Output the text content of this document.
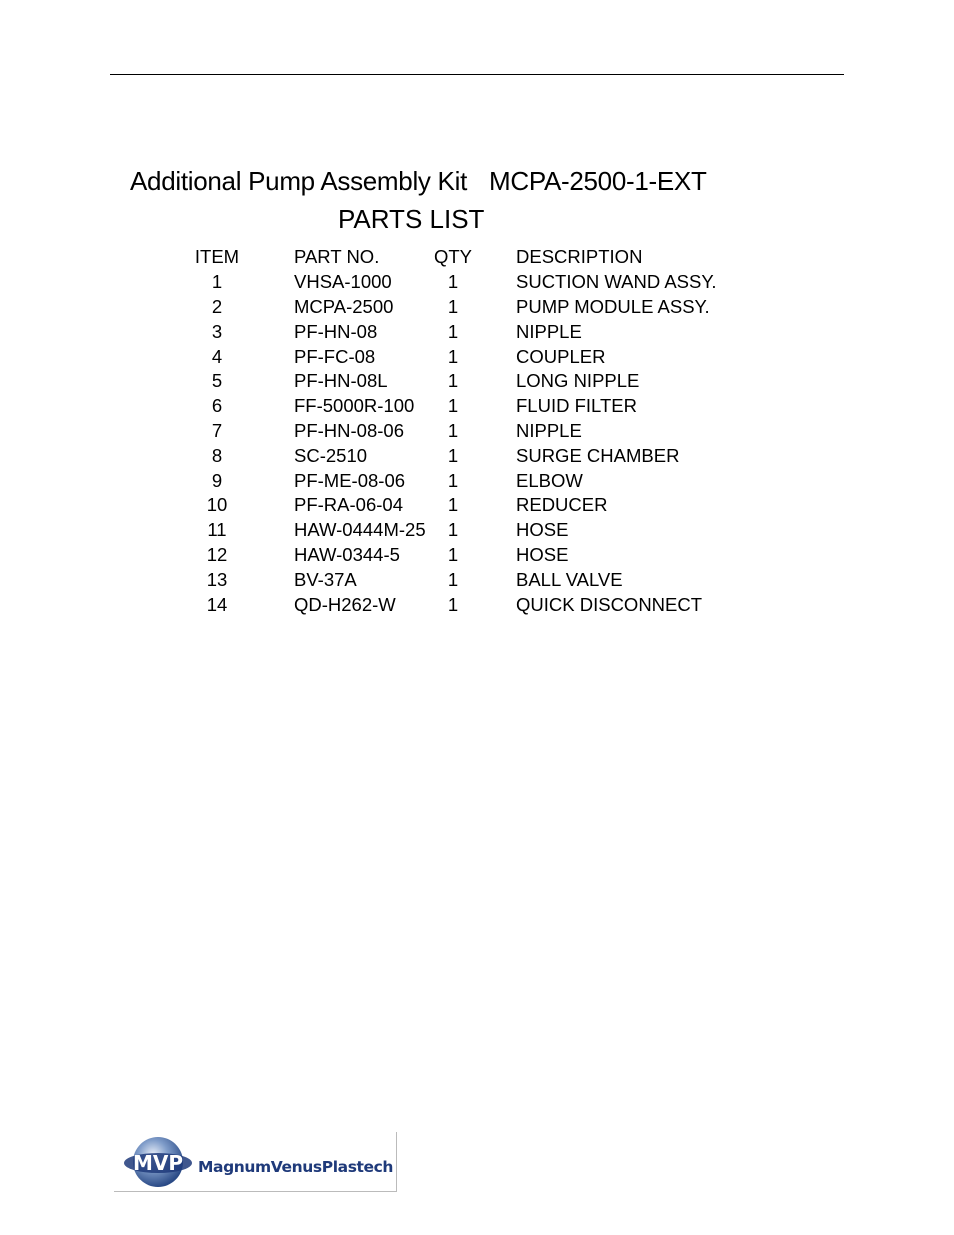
Additional Pump Assembly Kit MCPA-2500-1-EXT
PARTS LIST
ITEM	PART NO.	QTY	DESCRIPTION
1	VHSA-1000	1	SUCTION WAND ASSY.
2	MCPA-2500	1	PUMP MODULE ASSY.
3	PF-HN-08	1	NIPPLE
4	PF-FC-08	1	COUPLER
5	PF-HN-08L	1	LONG NIPPLE
6	FF-5000R-100	1	FLUID FILTER
7	PF-HN-08-06	1	NIPPLE
8	SC-2510	1	SURGE CHAMBER
9	PF-ME-08-06	1	ELBOW
10	PF-RA-06-04	1	REDUCER
11	HAW-0444M-25	1	HOSE
12	HAW-0344-5	1	HOSE
13	BV-37A	1	BALL VALVE
14	QD-H262-W	1	QUICK DISCONNECT
MVP MagnumVenusPlastech
